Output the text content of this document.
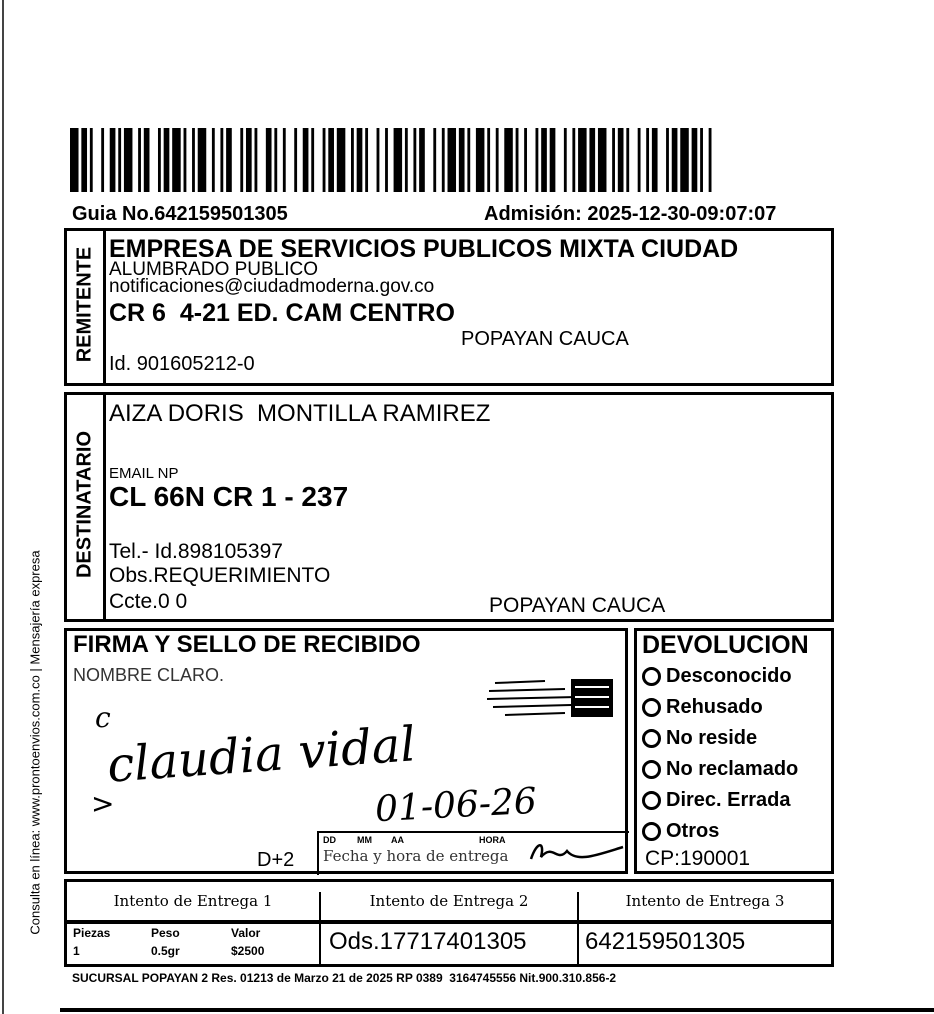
Guia No.642159501305	Admisión: 2025-12-30-09:07:07
Consulta en línea: www.prontoenvios.com.co | Mensajería expresa
REMITENTE EMPRESA DE SERVICIOS PUBLICOS MIXTA CIUDAD
ALUMBRADO PUBLICO
notificaciones@ciudadmoderna.gov.co
CR 6  4-21 ED. CAM CENTRO
POPAYAN CAUCA
Id. 901605212-0
DESTINATARIO
AIZA DORIS  MONTILLA RAMIREZ
EMAIL NP
CL 66N CR 1 - 237
Tel.- Id.898105397
Obs.REQUERIMIENTO
Ccte.0 0	POPAYAN CAUCA
FIRMA Y SELLO DE RECIBIDO
NOMBRE CLARO.
claudia vidal
c
>	01-06-26
D+2
DD MM AA	HORA
Fecha y hora de entrega
DEVOLUCION
Desconocido
Rehusado
No reside
No reclamado
Direc. Errada
Otros
CP:190001
Intento de Entrega 1	Intento de Entrega 2	Intento de Entrega 3
Piezas
1
Peso
0.5gr
Valor
$2500	Ods.17717401305 642159501305
SUCURSAL POPAYAN 2 Res. 01213 de Marzo 21 de 2025 RP 0389  3164745556 Nit.900.310.856-2
